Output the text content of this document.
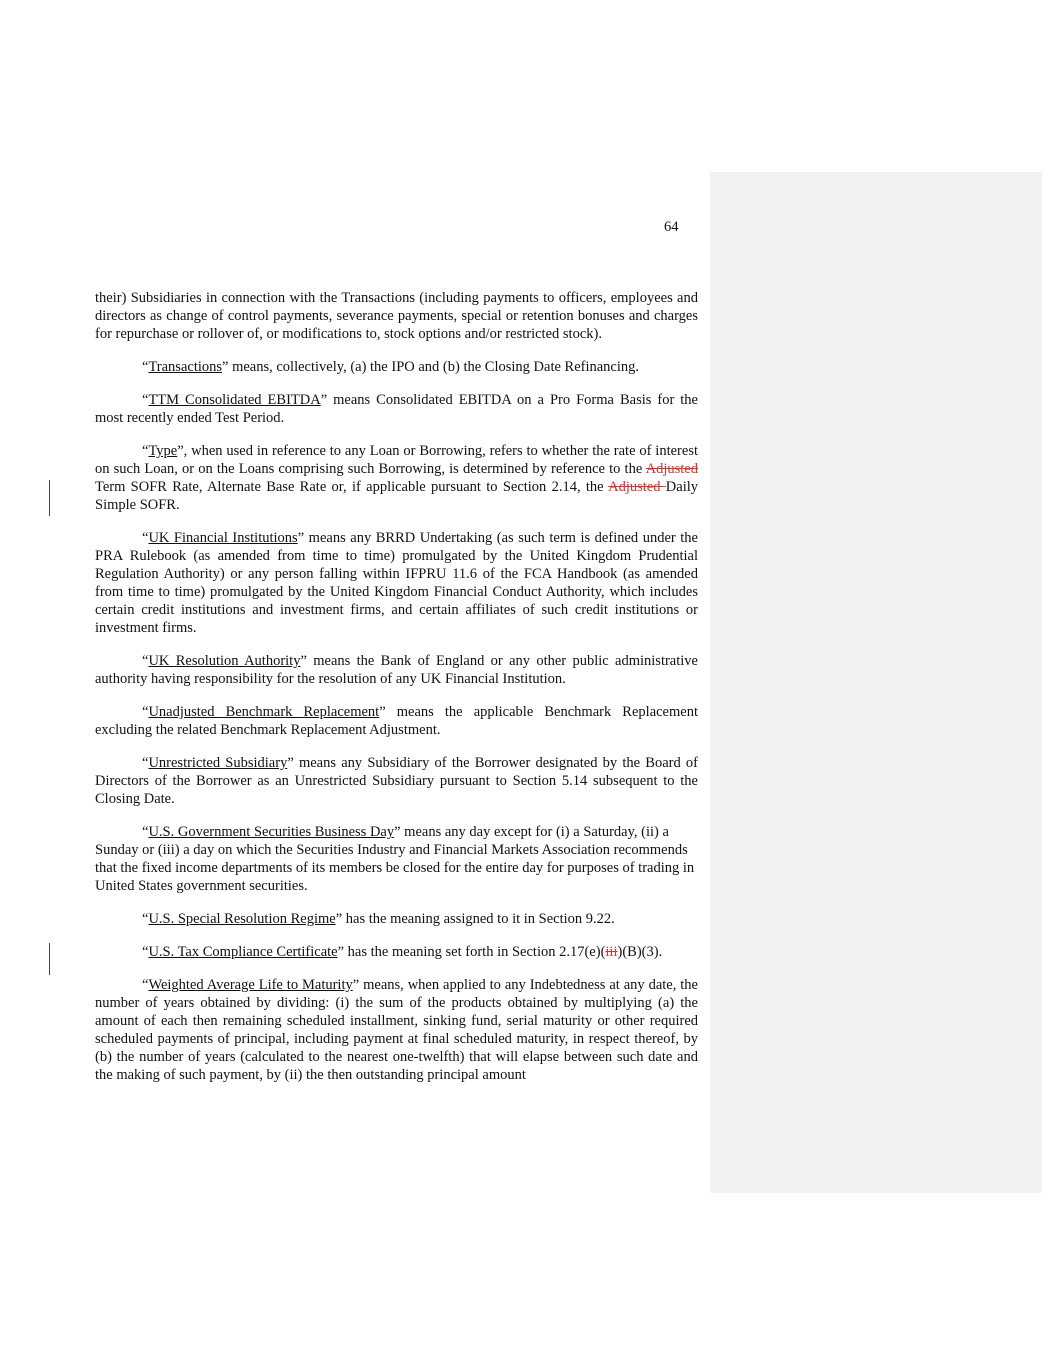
64

their) Subsidiaries in connection with the Transactions (including payments to officers, employees and directors as change of control payments, severance payments, special or retention bonuses and charges for repurchase or rollover of, or modifications to, stock options and/or restricted stock).

“Transactions” means, collectively, (a) the IPO and (b) the Closing Date Refinancing.

“TTM Consolidated EBITDA” means Consolidated EBITDA on a Pro Forma Basis for the most recently ended Test Period.

“Type”, when used in reference to any Loan or Borrowing, refers to whether the rate of interest on such Loan, or on the Loans comprising such Borrowing, is determined by reference to the Adjusted Term SOFR Rate, Alternate Base Rate or, if applicable pursuant to Section 2.14, the Adjusted Daily Simple SOFR.

“UK Financial Institutions” means any BRRD Undertaking (as such term is defined under the PRA Rulebook (as amended from time to time) promulgated by the United Kingdom Prudential Regulation Authority) or any person falling within IFPRU 11.6 of the FCA Handbook (as amended from time to time) promulgated by the United Kingdom Financial Conduct Authority, which includes certain credit institutions and investment firms, and certain affiliates of such credit institutions or investment firms.

“UK Resolution Authority” means the Bank of England or any other public administrative authority having responsibility for the resolution of any UK Financial Institution.

“Unadjusted Benchmark Replacement” means the applicable Benchmark Replacement excluding the related Benchmark Replacement Adjustment.

“Unrestricted Subsidiary” means any Subsidiary of the Borrower designated by the Board of Directors of the Borrower as an Unrestricted Subsidiary pursuant to Section 5.14 subsequent to the Closing Date.

“U.S. Government Securities Business Day” means any day except for (i) a Saturday, (ii) a Sunday or (iii) a day on which the Securities Industry and Financial Markets Association recommends that the fixed income departments of its members be closed for the entire day for purposes of trading in United States government securities.

“U.S. Special Resolution Regime” has the meaning assigned to it in Section 9.22.

“U.S. Tax Compliance Certificate” has the meaning set forth in Section 2.17(e)(iii)(B)(3).

“Weighted Average Life to Maturity” means, when applied to any Indebtedness at any date, the number of years obtained by dividing: (i) the sum of the products obtained by multiplying (a) the amount of each then remaining scheduled installment, sinking fund, serial maturity or other required scheduled payments of principal, including payment at final scheduled maturity, in respect thereof, by (b) the number of years (calculated to the nearest one-twelfth) that will elapse between such date and the making of such payment, by (ii) the then outstanding principal amount
